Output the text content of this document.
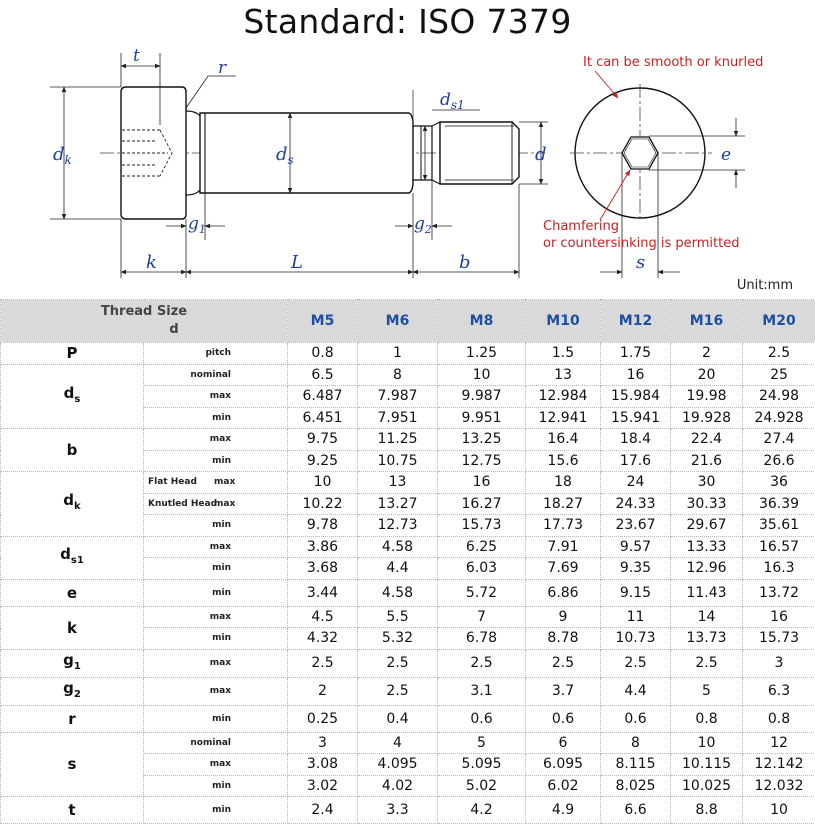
Standard: ISO 7379
t
r
$d_k$	$d_s$
$d_{s1}$
d
$g_1$	$g_2$
k	L	b
e
s
It can be smooth or knurled
Chamfering
or countersinking is permitted
Unit:mm
Thread Size
d		M5	M6	M8	M10	M12	M16	M20
P	pitch	0.8	1	1.25	1.5	1.75	2	2.5
$d_s$	nominal	6.5	8	10	13	16	20	25
	max	6.487	7.987	9.987	12.984	15.984	19.98	24.98
	min	6.451	7.951	9.951	12.941	15.941	19.928	24.928
b	max	9.75	11.25	13.25	16.4	18.4	22.4	27.4
	min	9.25	10.75	12.75	15.6	17.6	21.6	26.6
$d_k$	Flat Head max	10	13	16	18	24	30	36
	Knutled Headmax	10.22	13.27	16.27	18.27	24.33	30.33	36.39
	min	9.78	12.73	15.73	17.73	23.67	29.67	35.61
$d_{s1}$	max	3.86	4.58	6.25	7.91	9.57	13.33	16.57
	min	3.68	4.4	6.03	7.69	9.35	12.96	16.3
e	min	3.44	4.58	5.72	6.86	9.15	11.43	13.72
k	max	4.5	5.5	7	9	11	14	16
	min	4.32	5.32	6.78	8.78	10.73	13.73	15.73
$g_1$	max	2.5	2.5	2.5	2.5	2.5	2.5	3
$g_2$	max	2	2.5	3.1	3.7	4.4	5	6.3
r	min	0.25	0.4	0.6	0.6	0.6	0.8	0.8
s	nominal	3	4	5	6	8	10	12
	max	3.08	4.095	5.095	6.095	8.115	10.115	12.142
	min	3.02	4.02	5.02	6.02	8.025	10.025	12.032
t	min	2.4	3.3	4.2	4.9	6.6	8.8	10
